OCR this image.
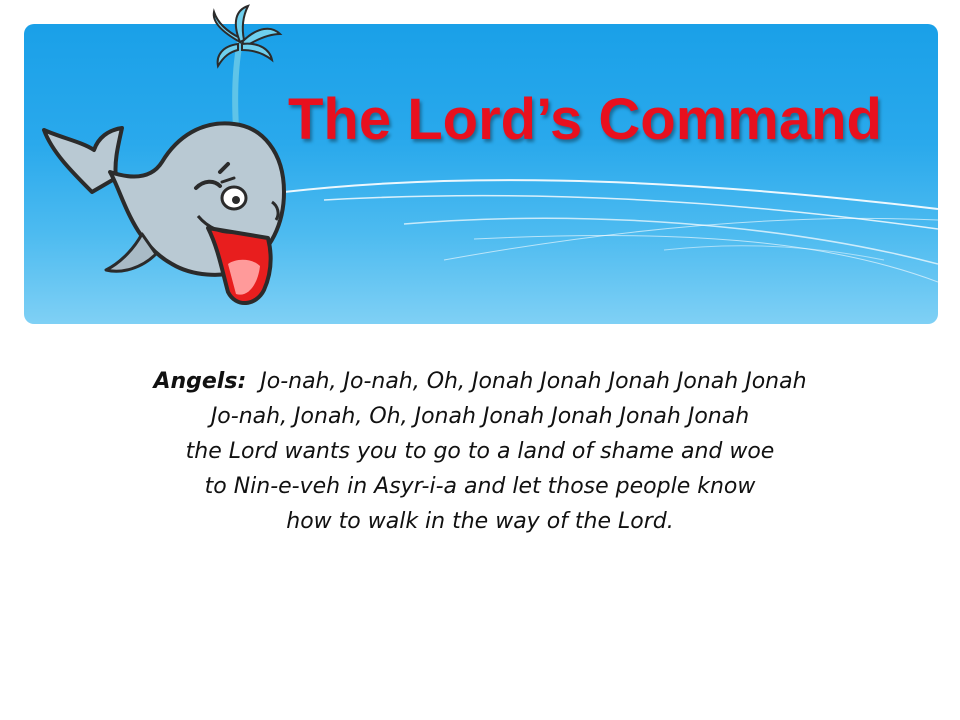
The Lord’s Command
Angels: Jo-nah, Jo-nah, Oh, Jonah Jonah Jonah Jonah Jonah
Jo-nah, Jonah, Oh, Jonah Jonah Jonah Jonah Jonah
the Lord wants you to go to a land of shame and woe
to Nin-e-veh in Asyr-i-a and let those people know
how to walk in the way of the Lord.
